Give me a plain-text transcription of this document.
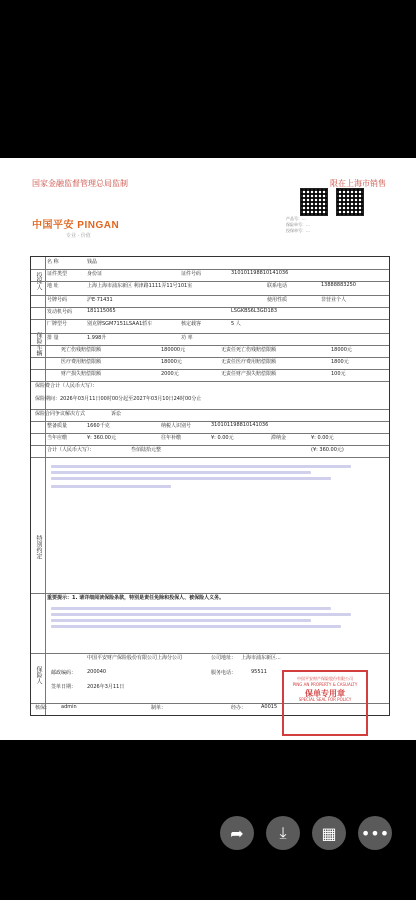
国家金融监督管理总局监制	限在上海市销售
中国平安 PINGAN
专业 · 价值
产品号：...
保险单号：...
投保单号：...
投保人
保险车辆
特别约定
保险人
名 称	钱晶
证件类型	身份证	证件号码	310101198810141036
地 址	上海上海市浦东新区 利津路1111弄11号101室	联系电话	13888883250
号牌号码	沪E·71431	使用性质	非营业个人
发动机号码	181115065	LSGKBS6L3GD183
厂牌型号	别克牌SGM7151LSAA1轿车	核定载客	5 人
排 量	1.998升	功 率
死亡伤残赔偿限额	180000元	无责任死亡伤残赔偿限额	18000元
医疗费用赔偿限额	18000元	无责任医疗费用赔偿限额	1800元
财产损失赔偿限额	2000元	无责任财产损失赔偿限额	100元
保险费合计（人民币大写）：
保险期间：2026年03月11日00时00分起至2027年03月10日24时00分止
保险合同争议解决方式	诉讼
整备质量	1660千克	纳税人识别号	310101198810141036
当年应缴	¥: 360.00元	往年补缴	¥: 0.00元	滞纳金	¥: 0.00元
合计（人民币大写）：	叁佰陆拾元整	(¥: 360.00元)
重要提示：1. 请详细阅读保险条款，特别是责任免除和投保人、被保险人义务。
中国平安财产保险股份有限公司上海分公司	公司地址： 上海市浦东新区...
邮政编码： 200040	服务电话：	95511
签单日期： 2026年3月11日
核保： admin	制单：	经办：	A0015
中国平安财产保险股份有限公司
PING AN PROPERTY & CASUALTY
保单专用章
SPECIAL SEAL FOR POLICY
➦ ⤓ ▦ •••
